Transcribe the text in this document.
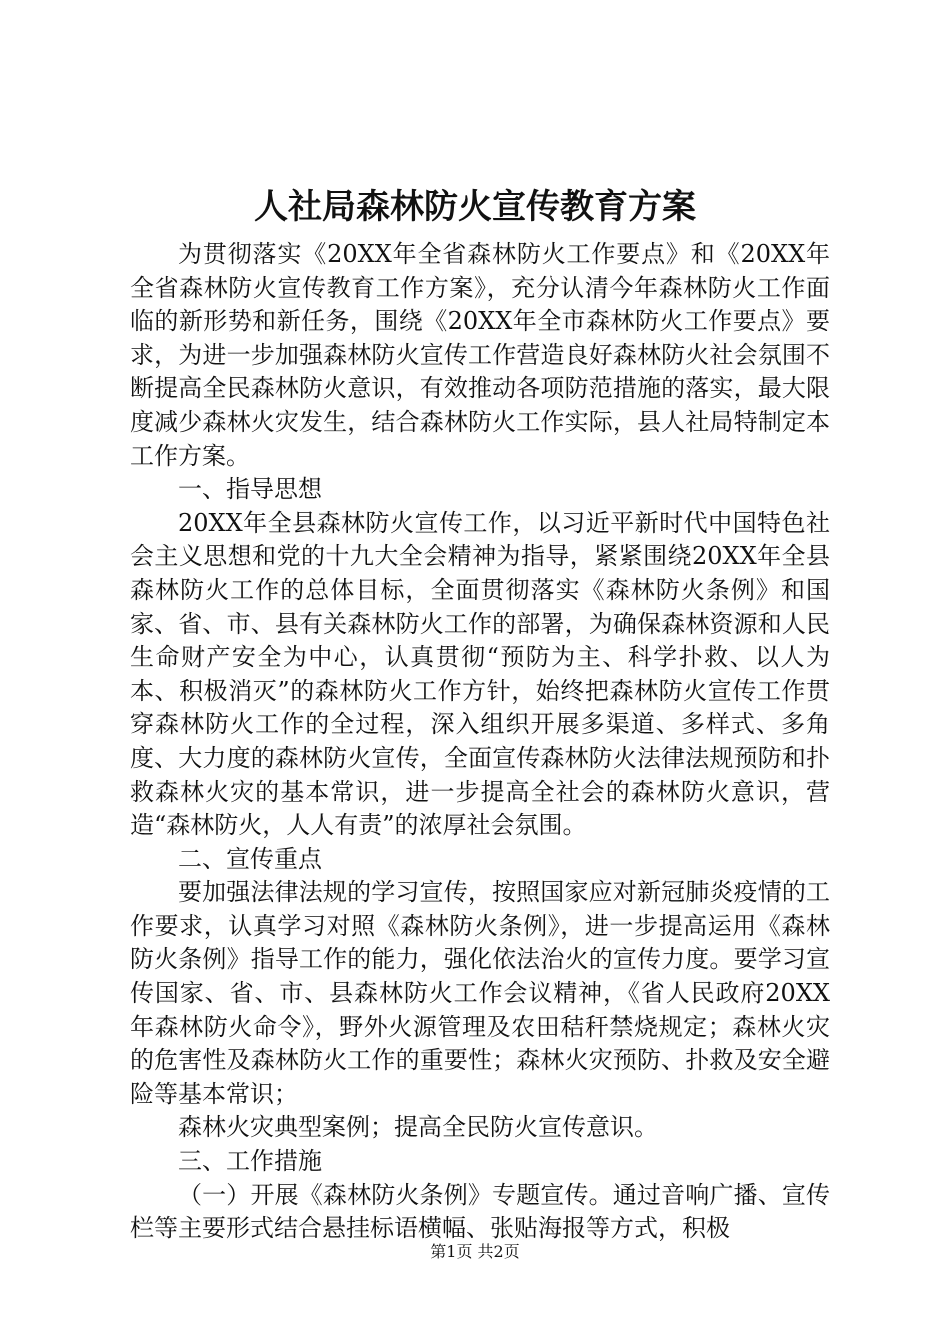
人社局森林防火宣传教育方案

为贯彻落实《20XX年全省森林防火工作要点》和《20XX年全省森林防火宣传教育工作方案》，充分认清今年森林防火工作面临的新形势和新任务，围绕《20XX年全市森林防火工作要点》要求，为进一步加强森林防火宣传工作营造良好森林防火社会氛围不断提高全民森林防火意识，有效推动各项防范措施的落实，最大限度减少森林火灾发生，结合森林防火工作实际，县人社局特制定本工作方案。

一、指导思想

20XX年全县森林防火宣传工作，以习近平新时代中国特色社会主义思想和党的十九大全会精神为指导，紧紧围绕20XX年全县森林防火工作的总体目标，全面贯彻落实《森林防火条例》和国家、省、市、县有关森林防火工作的部署，为确保森林资源和人民生命财产安全为中心，认真贯彻“预防为主、科学扑救、以人为本、积极消灭”的森林防火工作方针，始终把森林防火宣传工作贯穿森林防火工作的全过程，深入组织开展多渠道、多样式、多角度、大力度的森林防火宣传，全面宣传森林防火法律法规预防和扑救森林火灾的基本常识，进一步提高全社会的森林防火意识，营造“森林防火，人人有责”的浓厚社会氛围。

二、宣传重点

要加强法律法规的学习宣传，按照国家应对新冠肺炎疫情的工作要求，认真学习对照《森林防火条例》，进一步提高运用《森林防火条例》指导工作的能力，强化依法治火的宣传力度。要学习宣传国家、省、市、县森林防火工作会议精神，《省人民政府20XX年森林防火命令》，野外火源管理及农田秸秆禁烧规定；森林火灾的危害性及森林防火工作的重要性；森林火灾预防、扑救及安全避险等基本常识；

森林火灾典型案例；提高全民防火宣传意识。

三、工作措施

（一）开展《森林防火条例》专题宣传。通过音响广播、宣传栏等主要形式结合悬挂标语横幅、张贴海报等方式，积极

第1页 共2页
